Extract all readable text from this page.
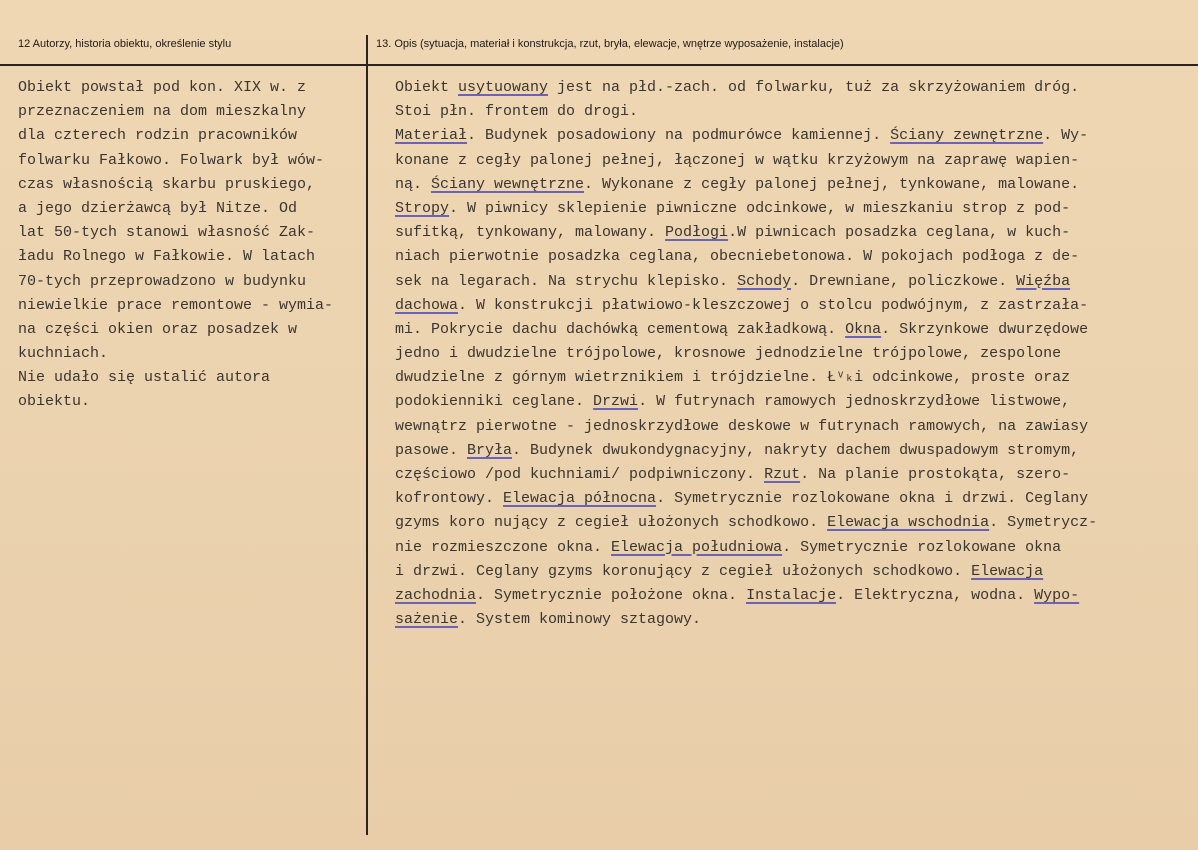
12 Autorzy, historia obiektu, określenie stylu	13. Opis (sytuacja, materiał i konstrukcja, rzut, bryła, elewacje, wnętrze wyposażenie, instalacje)
Obiekt powstał pod kon. XIX w. z
przeznaczeniem na dom mieszkalny
dla czterech rodzin pracowników
folwarku Fałkowo. Folwark był wów-
czas własnością skarbu pruskiego,
a jego dzierżawcą był Nitze. Od
lat 50-tych stanowi własność Zak-
ładu Rolnego w Fałkowie. W latach
70-tych przeprowadzono w budynku
niewielkie prace remontowe - wymia-
na części okien oraz posadzek w
kuchniach.
Nie udało się ustalić autora
obiektu.
Obiekt usytuowany jest na płd.-zach. od folwarku, tuż za skrzyżowaniem dróg.
Stoi płn. frontem do drogi.
Materiał. Budynek posadowiony na podmurówce kamiennej. Ściany zewnętrzne. Wy-
konane z cegły palonej pełnej, łączonej w wątku krzyżowym na zaprawę wapien-
ną. Ściany wewnętrzne. Wykonane z cegły palonej pełnej, tynkowane, malowane.
Stropy. W piwnicy sklepienie piwniczne odcinkowe, w mieszkaniu strop z pod-
sufitką, tynkowany, malowany. Podłogi.W piwnicach posadzka ceglana, w kuch-
niach pierwotnie posadzka ceglana, obecniebetonowa. W pokojach podłoga z de-
sek na legarach. Na strychu klepisko. Schody. Drewniane, policzkowe. Więźba
dachowa. W konstrukcji płatwiowo-kleszczowej o stolcu podwójnym, z zastrzała-
mi. Pokrycie dachu dachówką cementową zakładkową. Okna. Skrzynkowe dwurzędowe
jedno i dwudzielne trójpolowe, krosnowe jednodzielne trójpolowe, zespolone
dwudzielne z górnym wietrznikiem i trójdzielne. Łᵛₖi odcinkowe, proste oraz
podokienniki ceglane. Drzwi. W futrynach ramowych jednoskrzydłowe listwowe,
wewnątrz pierwotne - jednoskrzydłowe deskowe w futrynach ramowych, na zawiasy
pasowe. Bryła. Budynek dwukondygnacyjny, nakryty dachem dwuspadowym stromym,
częściowo /pod kuchniami/ podpiwniczony. Rzut. Na planie prostokąta, szero-
kofrontowy. Elewacja północna. Symetrycznie rozlokowane okna i drzwi. Ceglany
gzyms koro nujący z cegieł ułożonych schodkowo. Elewacja wschodnia. Symetrycz-
nie rozmieszczone okna. Elewacja południowa. Symetrycznie rozlokowane okna
i drzwi. Ceglany gzyms koronujący z cegieł ułożonych schodkowo. Elewacja
zachodnia. Symetrycznie położone okna. Instalacje. Elektryczna, wodna. Wypo-
sażenie. System kominowy sztagowy.
